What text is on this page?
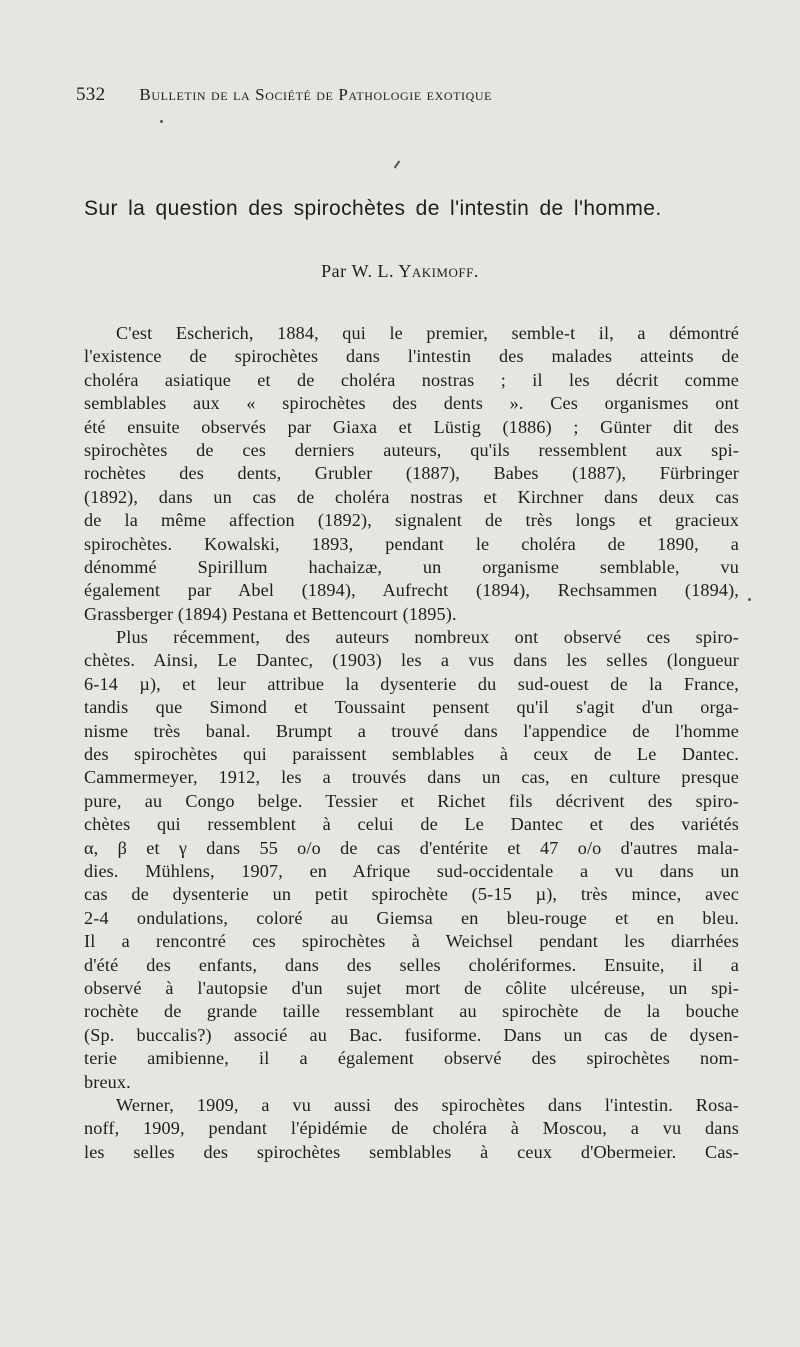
532 Bulletin de la Société de Pathologie exotique
Sur la question des spirochètes de l'intestin de l'homme.
Par W. L. Yakimoff.
C'est Escherich, 1884, qui le premier, semble-t il, a démontré
l'existence de spirochètes dans l'intestin des malades atteints de
choléra asiatique et de choléra nostras ; il les décrit comme
semblables aux « spirochètes des dents ». Ces organismes ont
été ensuite observés par Giaxa et Lüstig (1886) ; Günter dit des
spirochètes de ces derniers auteurs, qu'ils ressemblent aux spi-
rochètes des dents, Grubler (1887), Babes (1887), Fürbringer
(1892), dans un cas de choléra nostras et Kirchner dans deux cas
de la même affection (1892), signalent de très longs et gracieux
spirochètes. Kowalski, 1893, pendant le choléra de 1890, a
dénommé Spirillum hachaizæ, un organisme semblable, vu
également par Abel (1894), Aufrecht (1894), Rechsammen (1894),
Grassberger (1894) Pestana et Bettencourt (1895).
Plus récemment, des auteurs nombreux ont observé ces spiro-
chètes. Ainsi, Le Dantec, (1903) les a vus dans les selles (longueur
6-14 µ), et leur attribue la dysenterie du sud-ouest de la France,
tandis que Simond et Toussaint pensent qu'il s'agit d'un orga-
nisme très banal. Brumpt a trouvé dans l'appendice de l'homme
des spirochètes qui paraissent semblables à ceux de Le Dantec.
Cammermeyer, 1912, les a trouvés dans un cas, en culture presque
pure, au Congo belge. Tessier et Richet fils décrivent des spiro-
chètes qui ressemblent à celui de Le Dantec et des variétés
α, β et γ dans 55 o/o de cas d'entérite et 47 o/o d'autres mala-
dies. Mühlens, 1907, en Afrique sud-occidentale a vu dans un
cas de dysenterie un petit spirochète (5-15 µ), très mince, avec
2-4 ondulations, coloré au Giemsa en bleu-rouge et en bleu.
Il a rencontré ces spirochètes à Weichsel pendant les diarrhées
d'été des enfants, dans des selles cholériformes. Ensuite, il a
observé à l'autopsie d'un sujet mort de côlite ulcéreuse, un spi-
rochète de grande taille ressemblant au spirochète de la bouche
(Sp. buccalis?) associé au Bac. fusiforme. Dans un cas de dysen-
terie amibienne, il a également observé des spirochètes nom-
breux.
Werner, 1909, a vu aussi des spirochètes dans l'intestin. Rosa-
noff, 1909, pendant l'épidémie de choléra à Moscou, a vu dans
les selles des spirochètes semblables à ceux d'Obermeier. Cas-
